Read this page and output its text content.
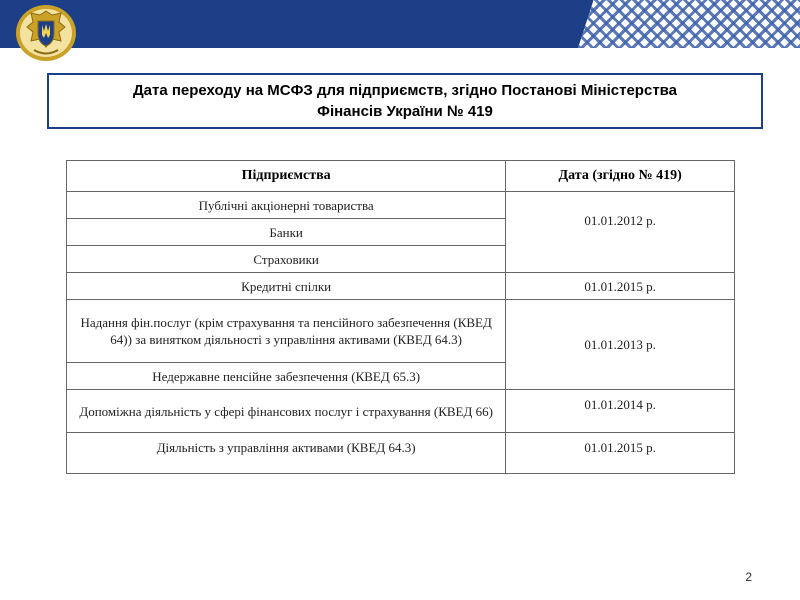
Дата переходу на МСФЗ для підприємств, згідно Постанові Міністерства
Фінансів України № 419
Підприємства	Дата (згідно № 419)
Публічні акціонерні товариства	01.01.2012 р.
Банки	
Страховики	
Кредитні спілки	01.01.2015 р.
Надання фін.послуг (крім страхування та пенсійного забезпечення (КВЕД 64)) за винятком діяльності з управління активами (КВЕД 64.3)	01.01.2013 р.
Недержавне пенсійне забезпечення (КВЕД 65.3)	
Допоміжна діяльність у сфері фінансових послуг і страхування (КВЕД 66)	01.01.2014 р.
Діяльність з управління активами (КВЕД 64.3)	01.01.2015 р.
2
